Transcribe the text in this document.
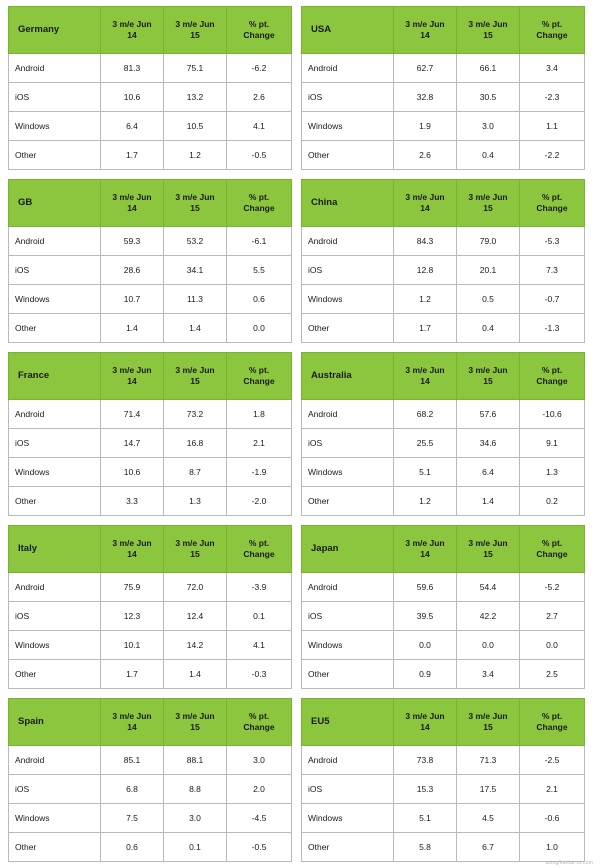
Germany	3 m/e Jun 14	3 m/e Jun 15	% pt. Change
Android	81.3	75.1	-6.2
iOS	10.6	13.2	2.6
Windows	6.4	10.5	4.1
Other	1.7	1.2	-0.5
GB	3 m/e Jun 14	3 m/e Jun 15	% pt. Change
Android	59.3	53.2	-6.1
iOS	28.6	34.1	5.5
Windows	10.7	11.3	0.6
Other	1.4	1.4	0.0
France	3 m/e Jun 14	3 m/e Jun 15	% pt. Change
Android	71.4	73.2	1.8
iOS	14.7	16.8	2.1
Windows	10.6	8.7	-1.9
Other	3.3	1.3	-2.0
Italy	3 m/e Jun 14	3 m/e Jun 15	% pt. Change
Android	75.9	72.0	-3.9
iOS	12.3	12.4	0.1
Windows	10.1	14.2	4.1
Other	1.7	1.4	-0.3
Spain	3 m/e Jun 14	3 m/e Jun 15	% pt. Change
Android	85.1	88.1	3.0
iOS	6.8	8.8	2.0
Windows	7.5	3.0	-4.5
Other	0.6	0.1	-0.5
USA	3 m/e Jun 14	3 m/e Jun 15	% pt. Change
Android	62.7	66.1	3.4
iOS	32.8	30.5	-2.3
Windows	1.9	3.0	1.1
Other	2.6	0.4	-2.2
China	3 m/e Jun 14	3 m/e Jun 15	% pt. Change
Android	84.3	79.0	-5.3
iOS	12.8	20.1	7.3
Windows	1.2	0.5	-0.7
Other	1.7	0.4	-1.3
Australia	3 m/e Jun 14	3 m/e Jun 15	% pt. Change
Android	68.2	57.6	-10.6
iOS	25.5	34.6	9.1
Windows	5.1	6.4	1.3
Other	1.2	1.4	0.2
Japan	3 m/e Jun 14	3 m/e Jun 15	% pt. Change
Android	59.6	54.4	-5.2
iOS	39.5	42.2	2.7
Windows	0.0	0.0	0.0
Other	0.9	3.4	2.5
EU5	3 m/e Jun 14	3 m/e Jun 15	% pt. Change
Android	73.8	71.3	-2.5
iOS	15.3	17.5	2.1
Windows	5.1	4.5	-0.6
Other	5.8	6.7	1.0
using/kantar-oi.com
